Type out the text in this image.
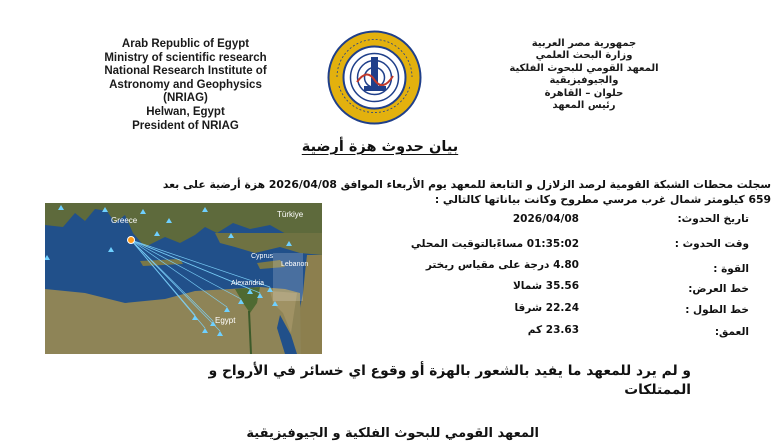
Arab Republic of Egypt
Ministry of scientific research
National Research Institute of
Astronomy and Geophysics
(NRIAG)
Helwan, Egypt
President of NRIAG
جمهورية مصر العربية
وزارة البحث العلمي
المعهد القومي للبحوث الفلكية
والجيوفيزيقية
حلوان – القاهرة
رئيس المعهد
بيان حدوث هزة أرضية
سجلت محطات الشبكة القومية لرصد الزلازل و التابعة للمعهد يوم الأربعاء الموافق 2026/04/08 هزة أرضية على بعد
659 كيلومتر شمال غرب مرسي مطروح وكانت بياناتها كالتالي :
Greece
Türkiye
Cyprus
Lebanon
Alexandria
Egypt
تاريخ الحدوث:
وقت الحدوث :
القوة :
خط العرض:
خط الطول :
العمق:
2026/04/08
01:35:02 مساءًبالتوقيت المحلي
4.80 درجة على مقياس ريختر
35.56 شمالا
22.24 شرقا
23.63 كم
و لم يرد للمعهد ما يفيد بالشعور بالهزة أو وقوع اي خسائر في الأرواح و
الممتلكات
المعهد القومي للبحوث الفلكية و الجيوفيزيقية
